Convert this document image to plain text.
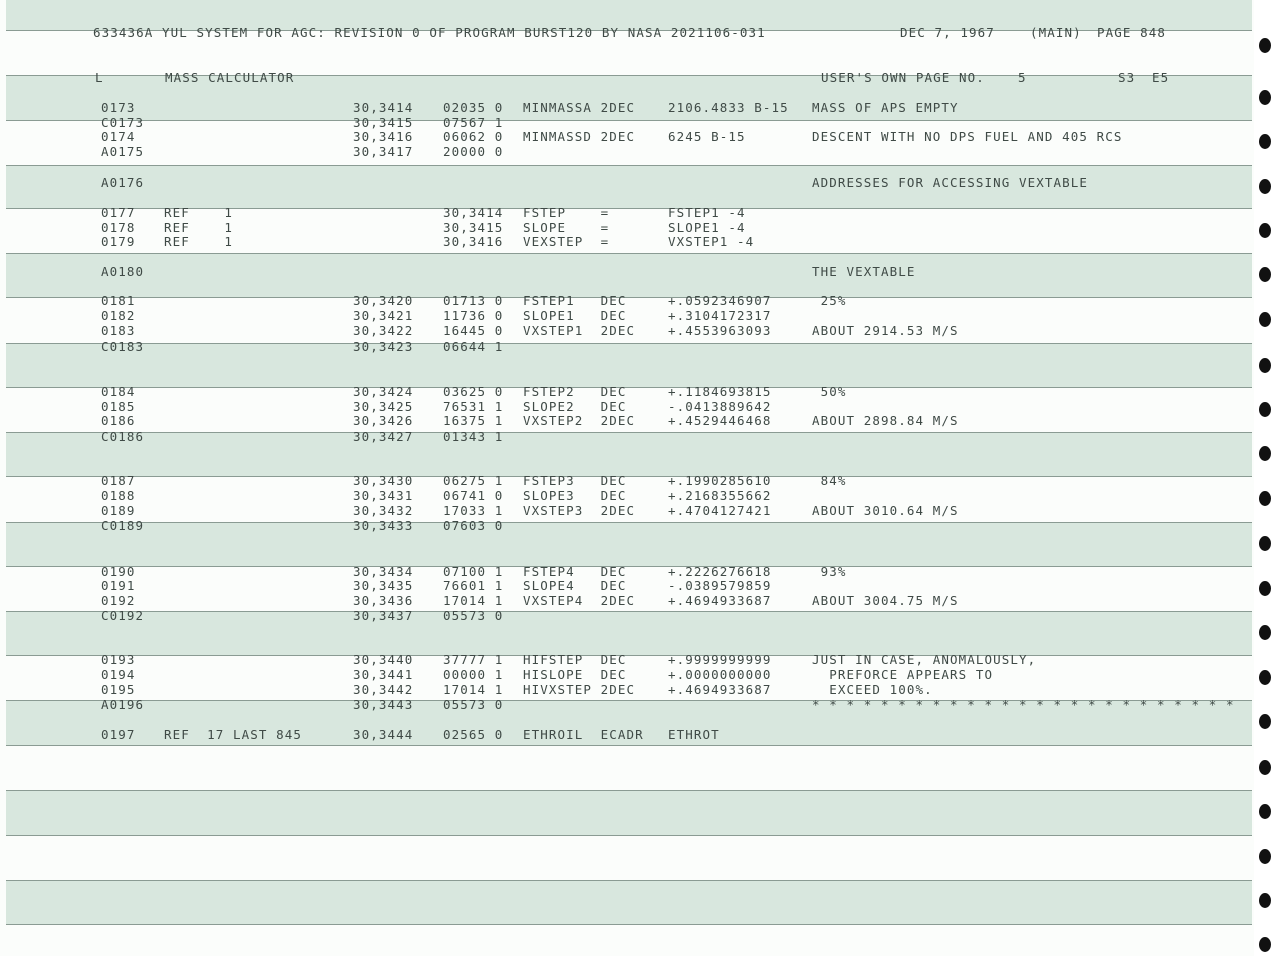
633436A YUL SYSTEM FOR AGC: REVISION 0 OF PROGRAM BURST120 BY NASA 2021106-031	DEC 7, 1967	(MAIN) PAGE 848
L	MASS CALCULATOR	USER'S OWN PAGE NO.	5	S3 E5
0173	30,3414 02035 0 MINMASSA 2DEC	2106.4833 B-15 MASS OF APS EMPTY
C0173	30,3415 07567 1
0174	30,3416 06062 0 MINMASSD 2DEC	6245 B-15	DESCENT WITH NO DPS FUEL AND 405 RCS
A0175	30,3417 20000 0
A0176	ADDRESSES FOR ACCESSING VEXTABLE
0177 REF    1	30,3414 FSTEP    =	FSTEP1 -4
0178 REF    1	30,3415 SLOPE    =	SLOPE1 -4
0179 REF    1	30,3416 VEXSTEP  =	VXSTEP1 -4
A0180	THE VEXTABLE
0181	30,3420 01713 0 FSTEP1   DEC	+.0592346907	25%
0182	30,3421 11736 0 SLOPE1   DEC	+.3104172317
0183	30,3422 16445 0 VXSTEP1  2DEC	+.4553963093	ABOUT 2914.53 M/S
C0183	30,3423 06644 1
0184	30,3424 03625 0 FSTEP2   DEC	+.1184693815	50%
0185	30,3425 76531 1 SLOPE2   DEC	-.0413889642
0186	30,3426 16375 1 VXSTEP2  2DEC	+.4529446468	ABOUT 2898.84 M/S
C0186	30,3427 01343 1
0187	30,3430 06275 1 FSTEP3   DEC	+.1990285610	84%
0188	30,3431 06741 0 SLOPE3   DEC	+.2168355662
0189	30,3432 17033 1 VXSTEP3  2DEC	+.4704127421	ABOUT 3010.64 M/S
C0189	30,3433 07603 0
0190	30,3434 07100 1 FSTEP4   DEC	+.2226276618	93%
0191	30,3435 76601 1 SLOPE4   DEC	-.0389579859
0192	30,3436 17014 1 VXSTEP4  2DEC	+.4694933687	ABOUT 3004.75 M/S
C0192	30,3437 05573 0
0193	30,3440 37777 1 HIFSTEP  DEC	+.9999999999	JUST IN CASE, ANOMALOUSLY,
0194	30,3441 00000 1 HISLOPE  DEC	+.0000000000	PREFORCE APPEARS TO
0195	30,3442 17014 1 HIVXSTEP 2DEC	+.4694933687	EXCEED 100%.
A0196	30,3443 05573 0	* * * * * * * * * * * * * * * * * * * * * * * * *
0197 REF  17 LAST 845	30,3444 02565 0 ETHROIL  ECADR ETHROT
